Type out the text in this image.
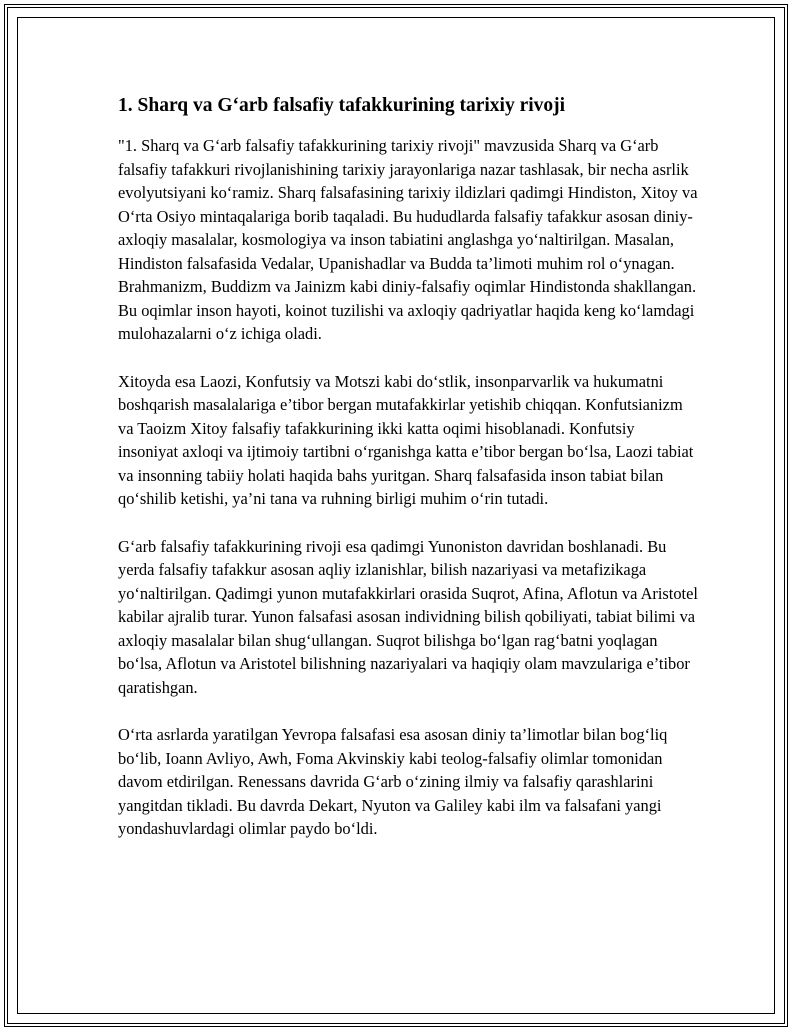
1. Sharq va G‘arb falsafiy tafakkurining tarixiy rivoji

"1. Sharq va G‘arb falsafiy tafakkurining tarixiy rivoji" mavzusida Sharq va G‘arb falsafiy tafakkuri rivojlanishining tarixiy jarayonlariga nazar tashlasak, bir necha asrlik evolyutsiyani ko‘ramiz. Sharq falsafasining tarixiy ildizlari qadimgi Hindiston, Xitoy va O‘rta Osiyo mintaqalariga borib taqaladi. Bu hududlarda falsafiy tafakkur asosan diniy-axloqiy masalalar, kosmologiya va inson tabiatini anglashga yo‘naltirilgan. Masalan, Hindiston falsafasida Vedalar, Upanishadlar va Budda ta’limoti muhim rol o‘ynagan. Brahmanizm, Buddizm va Jainizm kabi diniy-falsafiy oqimlar Hindistonda shakllangan. Bu oqimlar inson hayoti, koinot tuzilishi va axloqiy qadriyatlar haqida keng ko‘lamdagi mulohazalarni o‘z ichiga oladi.

Xitoyda esa Laozi, Konfutsiy va Motszi kabi do‘stlik, insonparvarlik va hukumatni boshqarish masalalariga e’tibor bergan mutafakkirlar yetishib chiqqan. Konfutsianizm va Taoizm Xitoy falsafiy tafakkurining ikki katta oqimi hisoblanadi. Konfutsiy insoniyat axloqi va ijtimoiy tartibni o‘rganishga katta e’tibor bergan bo‘lsa, Laozi tabiat va insonning tabiiy holati haqida bahs yuritgan. Sharq falsafasida inson tabiat bilan qo‘shilib ketishi, ya’ni tana va ruhning birligi muhim o‘rin tutadi.

G‘arb falsafiy tafakkurining rivoji esa qadimgi Yunoniston davridan boshlanadi. Bu yerda falsafiy tafakkur asosan aqliy izlanishlar, bilish nazariyasi va metafizikaga yo‘naltirilgan. Qadimgi yunon mutafakkirlari orasida Suqrot, Afina, Aflotun va Aristotel kabilar ajralib turar. Yunon falsafasi asosan individning bilish qobiliyati, tabiat bilimi va axloqiy masalalar bilan shug‘ullangan. Suqrot bilishga bo‘lgan rag‘batni yoqlagan bo‘lsa, Aflotun va Aristotel bilishning nazariyalari va haqiqiy olam mavzulariga e’tibor qaratishgan.

O‘rta asrlarda yaratilgan Yevropa falsafasi esa asosan diniy ta’limotlar bilan bog‘liq bo‘lib, Ioann Avliyo, Awh, Foma Akvinskiy kabi teolog-falsafiy olimlar tomonidan davom etdirilgan. Renessans davrida G‘arb o‘zining ilmiy va falsafiy qarashlarini yangitdan tikladi. Bu davrda Dekart, Nyuton va Galiley kabi ilm va falsafani yangi yondashuvlardagi olimlar paydo bo‘ldi.
